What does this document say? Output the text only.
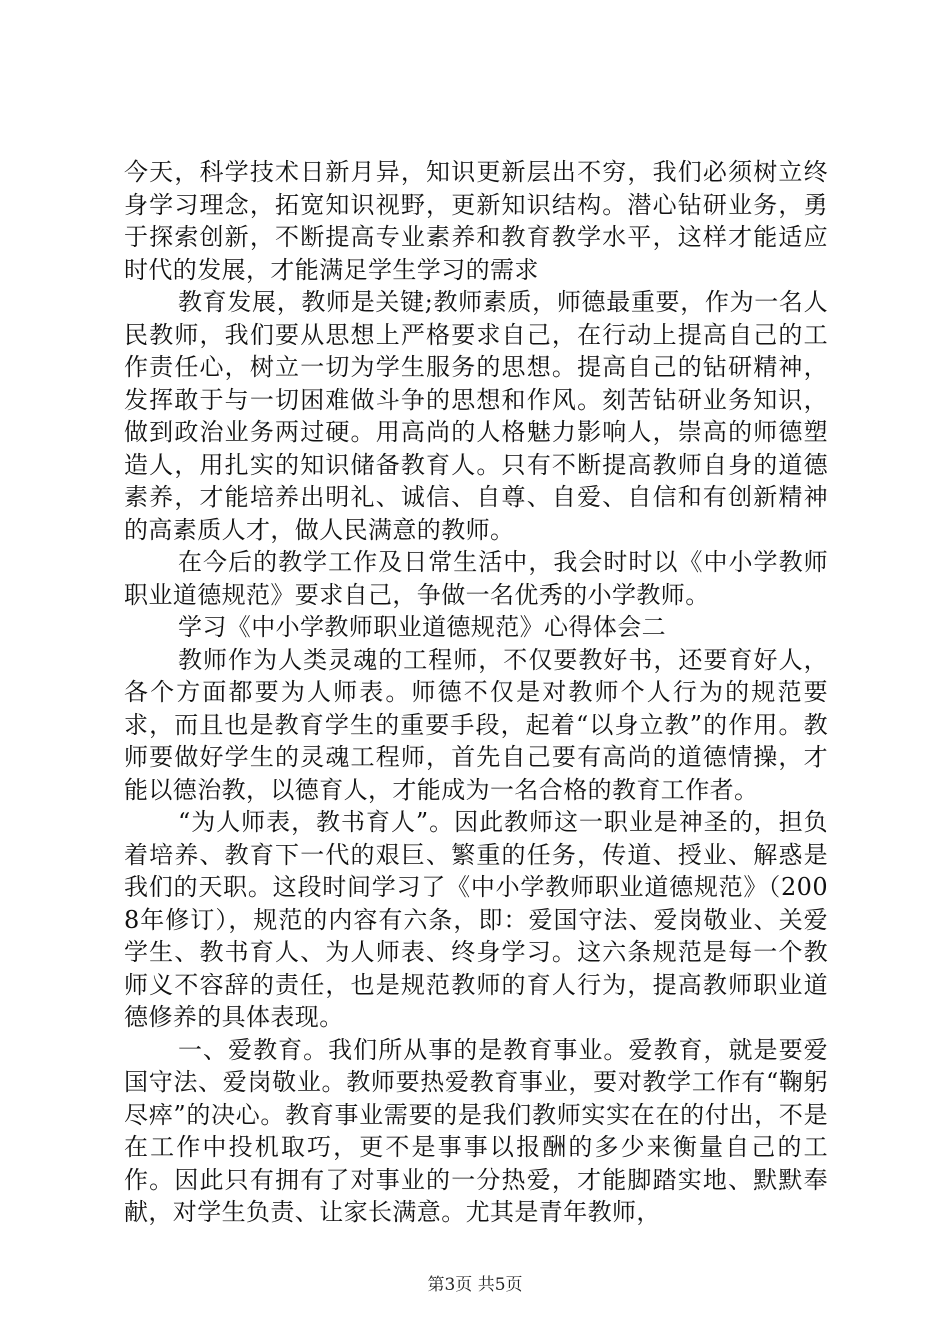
今天，科学技术日新月异，知识更新层出不穷，我们必须树立终身学习理念，拓宽知识视野，更新知识结构。潜心钻研业务，勇于探索创新，不断提高专业素养和教育教学水平，这样才能适应时代的发展，才能满足学生学习的需求

教育发展，教师是关键;教师素质，师德最重要，作为一名人民教师，我们要从思想上严格要求自己，在行动上提高自己的工作责任心，树立一切为学生服务的思想。提高自己的钻研精神，发挥敢于与一切困难做斗争的思想和作风。刻苦钻研业务知识，做到政治业务两过硬。用高尚的人格魅力影响人，崇高的师德塑造人，用扎实的知识储备教育人。只有不断提高教师自身的道德素养，才能培养出明礼、诚信、自尊、自爱、自信和有创新精神的高素质人才，做人民满意的教师。

在今后的教学工作及日常生活中，我会时时以《中小学教师职业道德规范》要求自己，争做一名优秀的小学教师。

学习《中小学教师职业道德规范》心得体会二

教师作为人类灵魂的工程师，不仅要教好书，还要育好人，各个方面都要为人师表。师德不仅是对教师个人行为的规范要求，而且也是教育学生的重要手段，起着“以身立教”的作用。教师要做好学生的灵魂工程师，首先自己要有高尚的道德情操，才能以德治教，以德育人，才能成为一名合格的教育工作者。

“为人师表，教书育人”。因此教师这一职业是神圣的，担负着培养、教育下一代的艰巨、繁重的任务，传道、授业、解惑是我们的天职。这段时间学习了《中小学教师职业道德规范》（2008年修订），规范的内容有六条，即：爱国守法、爱岗敬业、关爱学生、教书育人、为人师表、终身学习。这六条规范是每一个教师义不容辞的责任，也是规范教师的育人行为，提高教师职业道德修养的具体表现。

一、爱教育。我们所从事的是教育事业。爱教育，就是要爱国守法、爱岗敬业。教师要热爱教育事业，要对教学工作有“鞠躬尽瘁”的决心。教育事业需要的是我们教师实实在在的付出，不是在工作中投机取巧，更不是事事以报酬的多少来衡量自己的工作。因此只有拥有了对事业的一分热爱，才能脚踏实地、默默奉献，对学生负责、让家长满意。尤其是青年教师，

第3页 共5页
